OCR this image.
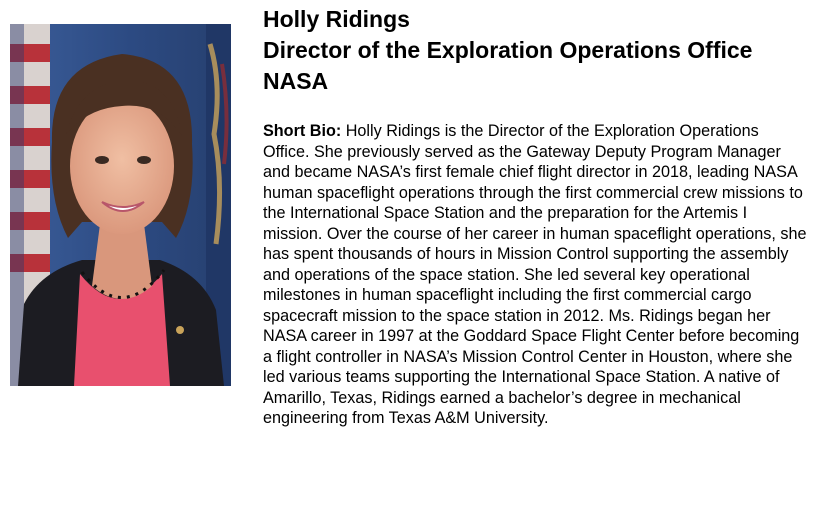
Holly Ridings

Director of the Exploration Operations Office

NASA

Short Bio: Holly Ridings is the Director of the Exploration Operations Office. She previously served as the Gateway Deputy Program Manager and became NASA’s first female chief flight director in 2018, leading NASA human spaceflight operations through the first commercial crew missions to the International Space Station and the preparation for the Artemis I mission. Over the course of her career in human spaceflight operations, she has spent thousands of hours in Mission Control supporting the assembly and operations of the space station. She led several key operational milestones in human spaceflight including the first commercial cargo spacecraft mission to the space station in 2012. Ms. Ridings began her NASA career in 1997 at the Goddard Space Flight Center before becoming a flight controller in NASA’s Mission Control Center in Houston, where she led various teams supporting the International Space Station. A native of Amarillo, Texas, Ridings earned a bachelor’s degree in mechanical engineering from Texas A&M University.
